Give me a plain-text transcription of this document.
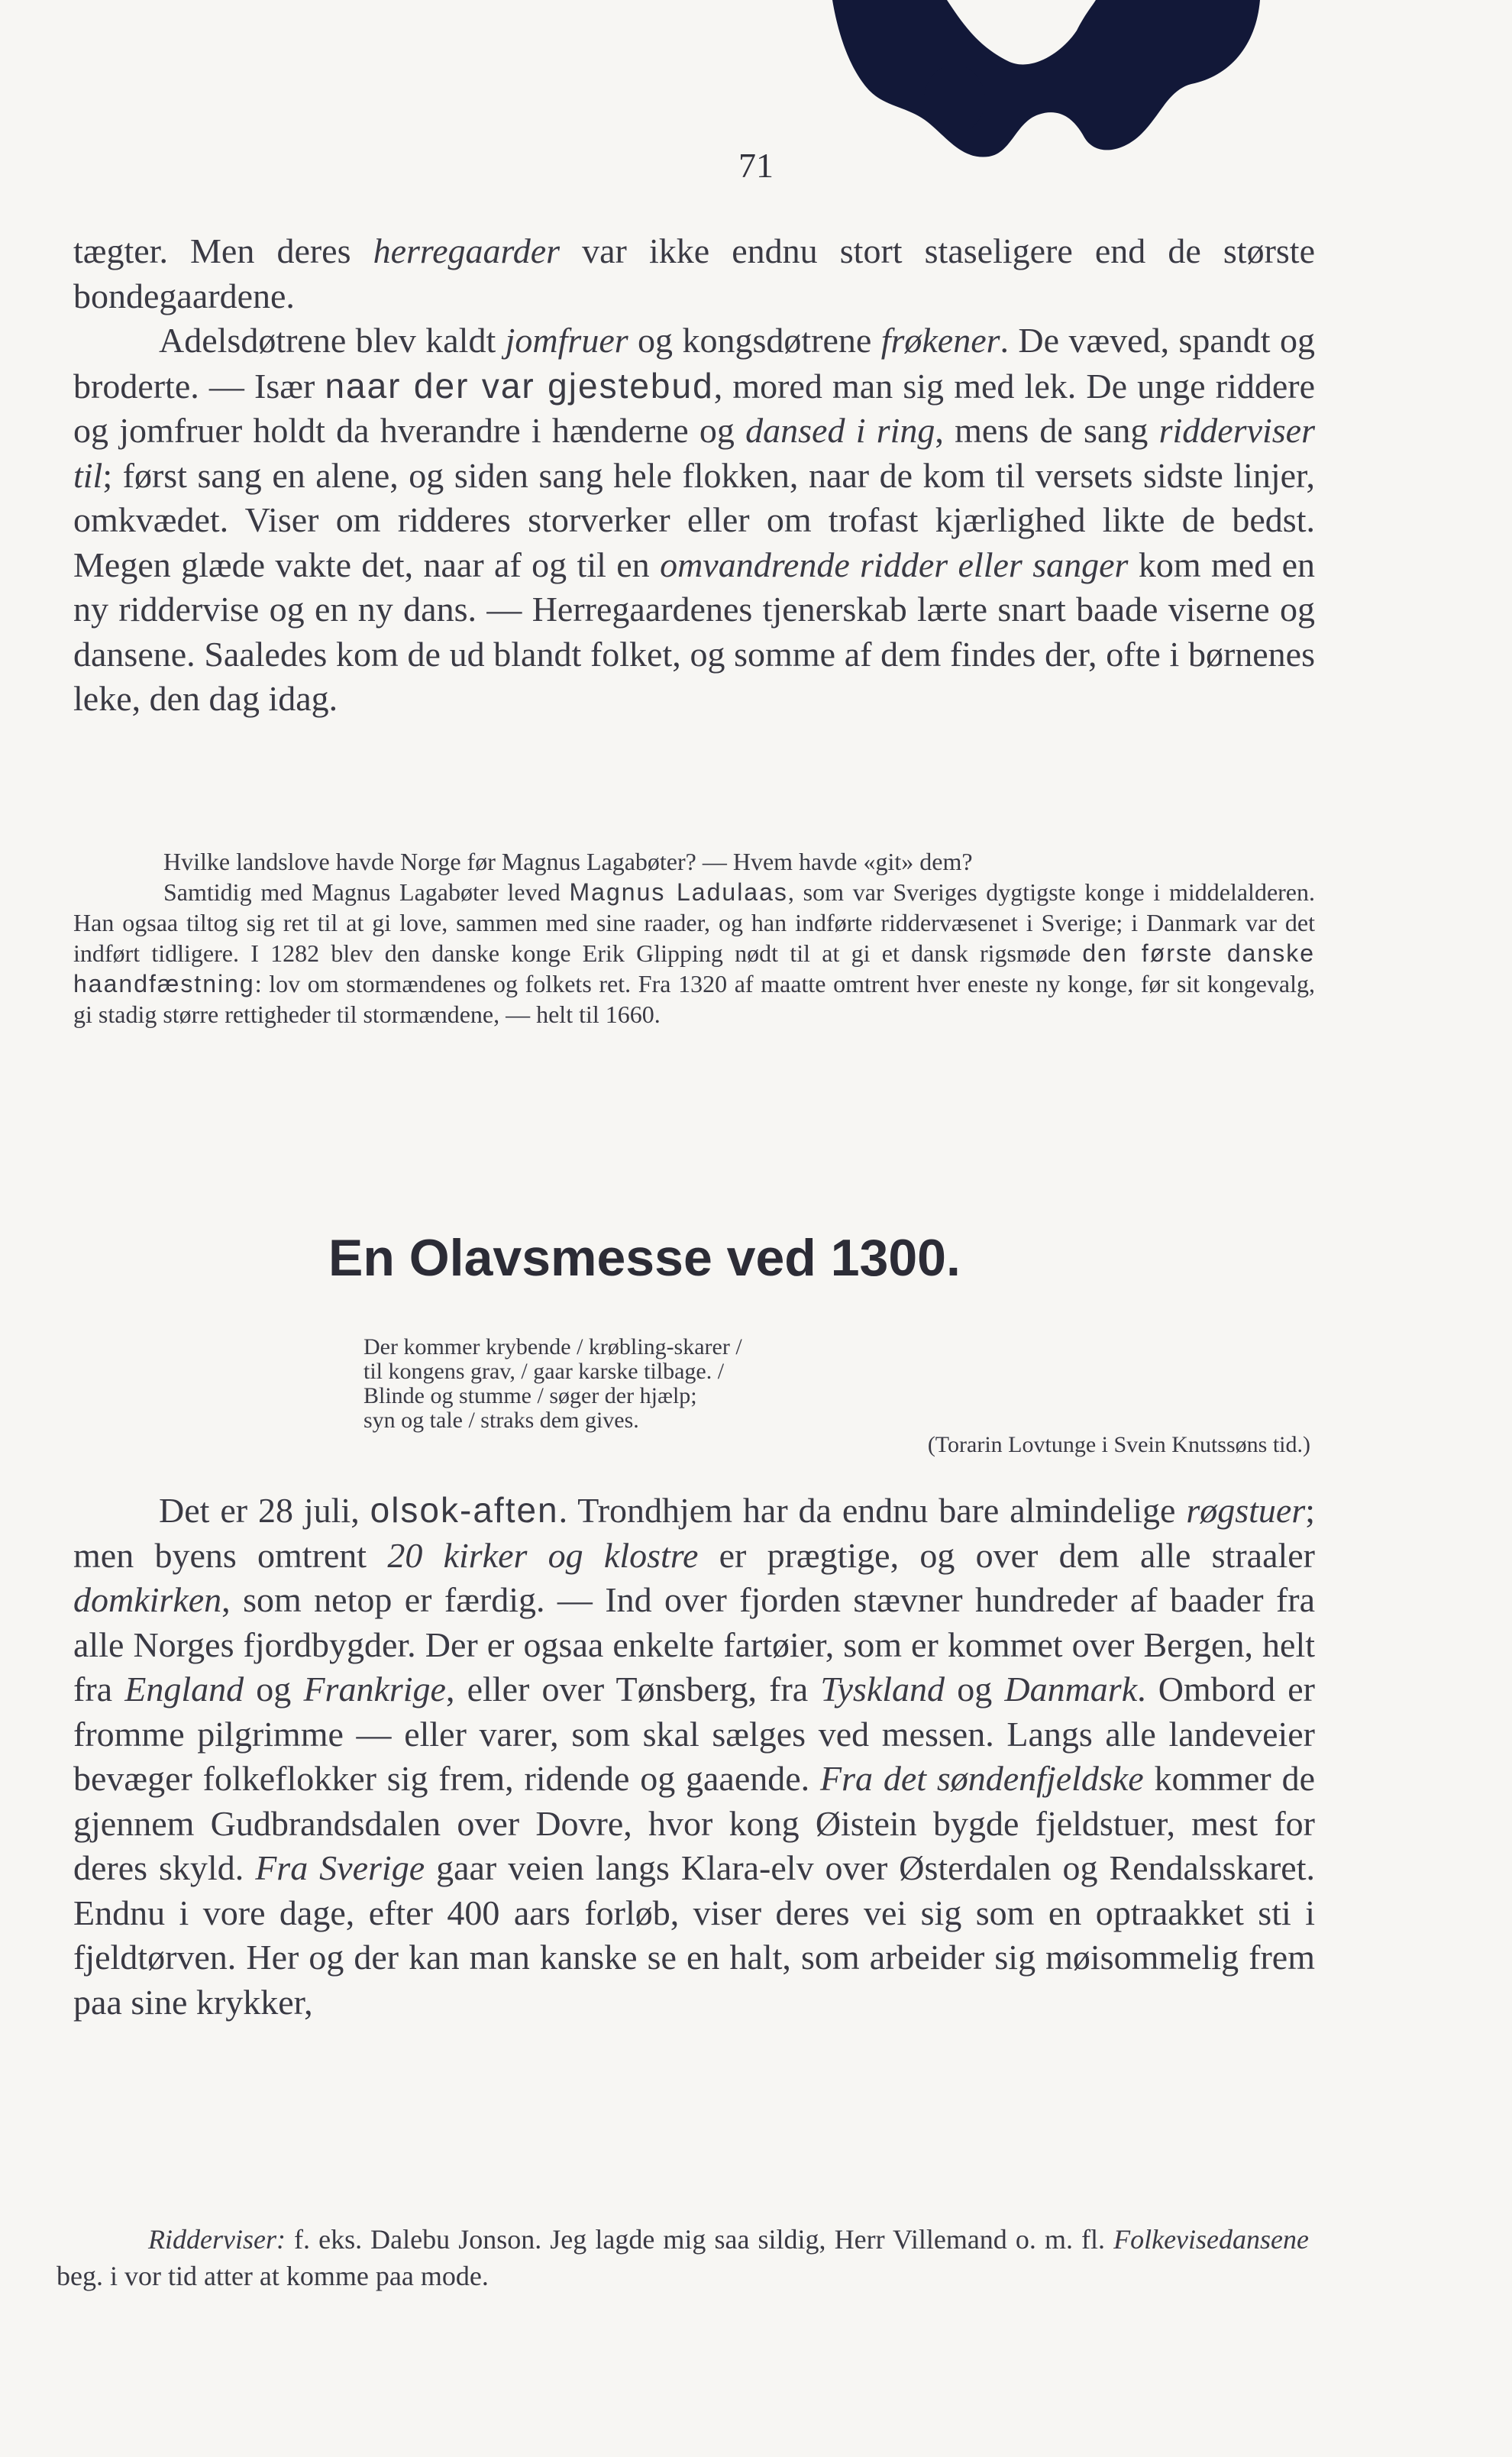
71

tægter. Men deres herregaarder var ikke endnu stort staseligere end de største bondegaardene.

Adelsdøtrene blev kaldt jomfruer og kongsdøtrene frøkener. De væved, spandt og broderte. — Især naar der var gjestebud, mored man sig med lek. De unge riddere og jomfruer holdt da hverandre i hænderne og dansed i ring, mens de sang ridderviser til; først sang en alene, og siden sang hele flokken, naar de kom til versets sidste linjer, omkvædet. Viser om ridderes storverker eller om trofast kjærlighed likte de bedst. Megen glæde vakte det, naar af og til en omvandrende ridder eller sanger kom med en ny riddervise og en ny dans. — Herregaardenes tjenerskab lærte snart baade viserne og dansene. Saaledes kom de ud blandt folket, og somme af dem findes der, ofte i børnenes leke, den dag idag.

Hvilke landslove havde Norge før Magnus Lagabøter? — Hvem havde «git» dem?

Samtidig med Magnus Lagabøter leved Magnus Ladulaas, som var Sveriges dygtigste konge i middelalderen. Han ogsaa tiltog sig ret til at gi love, sammen med sine raader, og han indførte riddervæsenet i Sverige; i Danmark var det indført tidligere. I 1282 blev den danske konge Erik Glipping nødt til at gi et dansk rigsmøde den første danske haandfæstning: lov om stormændenes og folkets ret. Fra 1320 af maatte omtrent hver eneste ny konge, før sit kongevalg, gi stadig større rettigheder til stormændene, — helt til 1660.

En Olavsmesse ved 1300.
Der kommer krybende / krøbling-skarer /
til kongens grav, / gaar karske tilbage. /
Blinde og stumme / søger der hjælp;
syn og tale / straks dem gives.
(Torarin Lovtunge i Svein Knutssøns tid.)

Det er 28 juli, olsok-aften. Trondhjem har da endnu bare almindelige røgstuer; men byens omtrent 20 kirker og klostre er prægtige, og over dem alle straaler domkirken, som netop er færdig. — Ind over fjorden stævner hundreder af baader fra alle Norges fjordbygder. Der er ogsaa enkelte fartøier, som er kommet over Bergen, helt fra England og Frankrige, eller over Tønsberg, fra Tyskland og Danmark. Ombord er fromme pilgrimme — eller varer, som skal sælges ved messen. Langs alle landeveier bevæger folkeflokker sig frem, ridende og gaaende. Fra det søndenfjeldske kommer de gjennem Gudbrandsdalen over Dovre, hvor kong Øistein bygde fjeldstuer, mest for deres skyld. Fra Sverige gaar veien langs Klara-elv over Østerdalen og Rendalsskaret. Endnu i vore dage, efter 400 aars forløb, viser deres vei sig som en optraakket sti i fjeldtørven. Her og der kan man kanske se en halt, som arbeider sig møisommelig frem paa sine krykker,

Ridderviser: f. eks. Dalebu Jonson. Jeg lagde mig saa sildig, Herr Villemand o. m. fl. Folkevisedansene beg. i vor tid atter at komme paa mode.
